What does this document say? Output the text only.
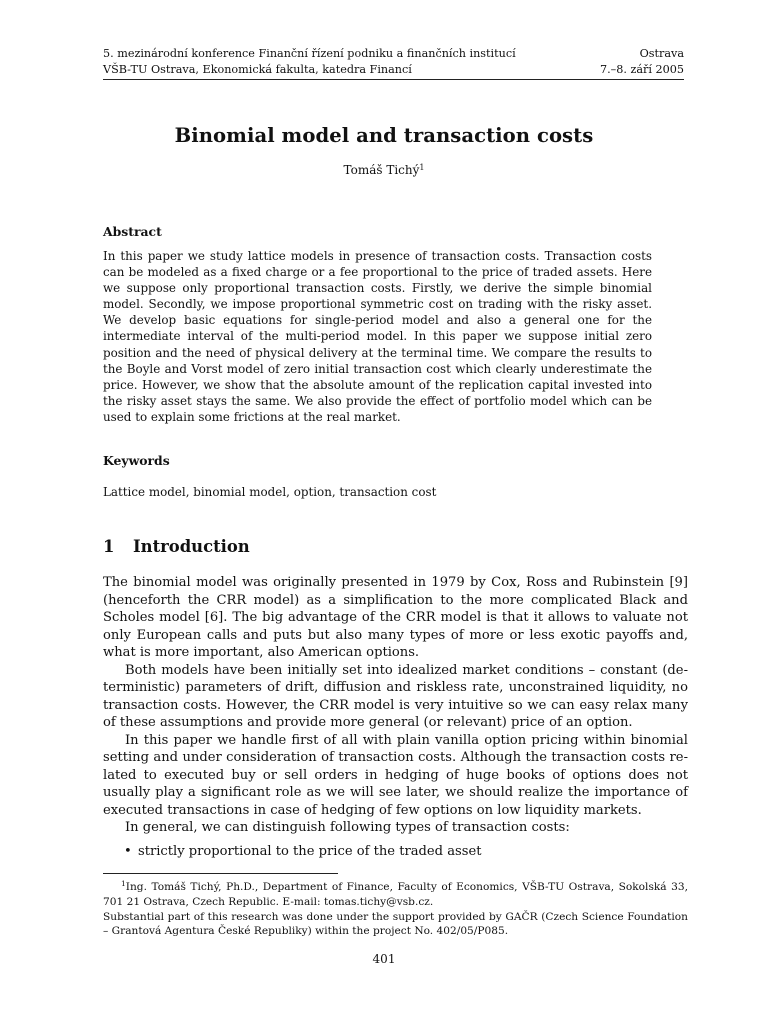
5. mezinárodní konference Finanční řízení podniku a finančních institucí	Ostrava
VŠB-TU Ostrava, Ekonomická fakulta, katedra Financí	7.–8. září 2005
Binomial model and transaction costs
Tomáš Tichý$^1$
Abstract

In this paper we study lattice models in presence of transaction costs. Transaction costs can be modeled as a fixed charge or a fee proportional to the price of traded assets. Here we suppose only proportional transaction costs. Firstly, we derive the simple binomial model. Secondly, we impose proportional symmetric cost on trading with the risky asset. We develop basic equations for single-period model and also a general one for the intermediate interval of the multi-period model. In this paper we suppose initial zero position and the need of physical delivery at the terminal time. We compare the results to the Boyle and Vorst model of zero initial transaction cost which clearly underestimate the price. However, we show that the absolute amount of the replication capital invested into the risky asset stays the same. We also provide the effect of portfolio model which can be used to explain some frictions at the real market.

Keywords

Lattice model, binomial model, option, transaction cost

1 Introduction

The binomial model was originally presented in 1979 by Cox, Ross and Rubinstein [9] (henceforth the CRR model) as a simplification to the more complicated Black and Scholes model [6]. The big advantage of the CRR model is that it allows to valuate not only European calls and puts but also many types of more or less exotic payoffs and, what is more important, also American options.

Both models have been initially set into idealized market conditions – constant (deterministic) parameters of drift, diffusion and riskless rate, unconstrained liquidity, no transaction costs. However, the CRR model is very intuitive so we can easy relax many of these assumptions and provide more general (or relevant) price of an option.

In this paper we handle first of all with plain vanilla option pricing within binomial setting and under consideration of transaction costs. Although the transaction costs related to executed buy or sell orders in hedging of huge books of options does not usually play a significant role as we will see later, we should realize the importance of executed transactions in case of hedging of few options on low liquidity markets.

In general, we can distinguish following types of transaction costs:

• strictly proportional to the price of the traded asset

$^1$Ing. Tomáš Tichý, Ph.D., Department of Finance, Faculty of Economics, VŠB-TU Ostrava, Sokolská 33, 701 21 Ostrava, Czech Republic. E-mail: tomas.tichy@vsb.cz.

Substantial part of this research was done under the support provided by GAČR (Czech Science Foundation – Grantová Agentura České Republiky) within the project No. 402/05/P085.

401
